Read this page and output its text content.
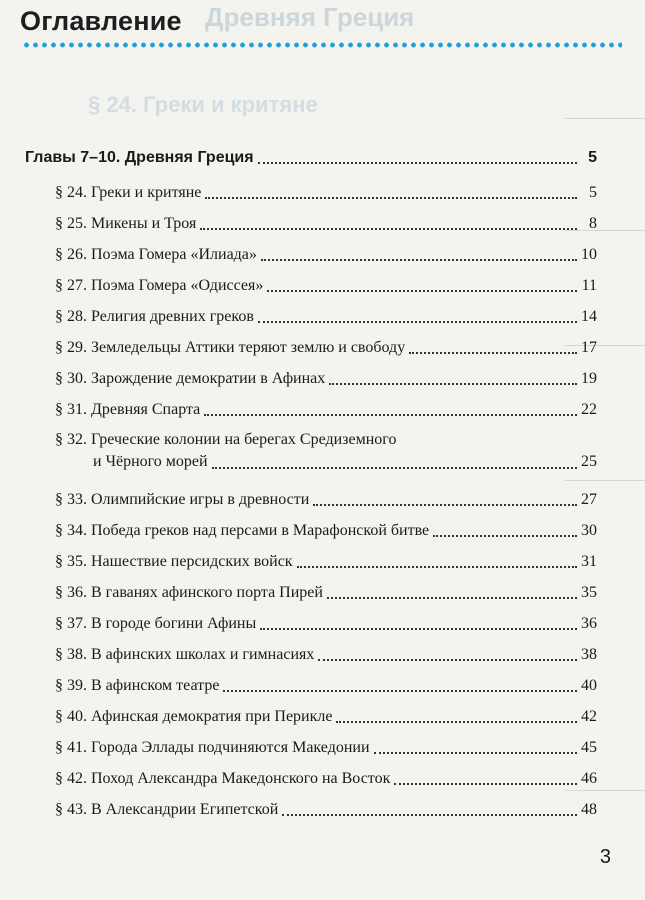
Древняя Греция
§ 24. Греки и критяне
Оглавление
Главы 7–10. Древняя Греция	5
§ 24. Греки и критяне	5
§ 25. Микены и Троя	8
§ 26. Поэма Гомера «Илиада»	10
§ 27. Поэма Гомера «Одиссея»	11
§ 28. Религия древних греков	14
§ 29. Земледельцы Аттики теряют землю и свободу	17
§ 30. Зарождение демократии в Афинах	19
§ 31. Древняя Спарта	22
§ 32. Греческие колонии на берегах Средиземного
и Чёрного морей	25
§ 33. Олимпийские игры в древности	27
§ 34. Победа греков над персами в Марафонской битве	30
§ 35. Нашествие персидских войск	31
§ 36. В гаванях афинского порта Пирей	35
§ 37. В городе богини Афины	36
§ 38. В афинских школах и гимнасиях	38
§ 39. В афинском театре	40
§ 40. Афинская демократия при Перикле	42
§ 41. Города Эллады подчиняются Македонии	45
§ 42. Поход Александра Македонского на Восток	46
§ 43. В Александрии Египетской	48
3
